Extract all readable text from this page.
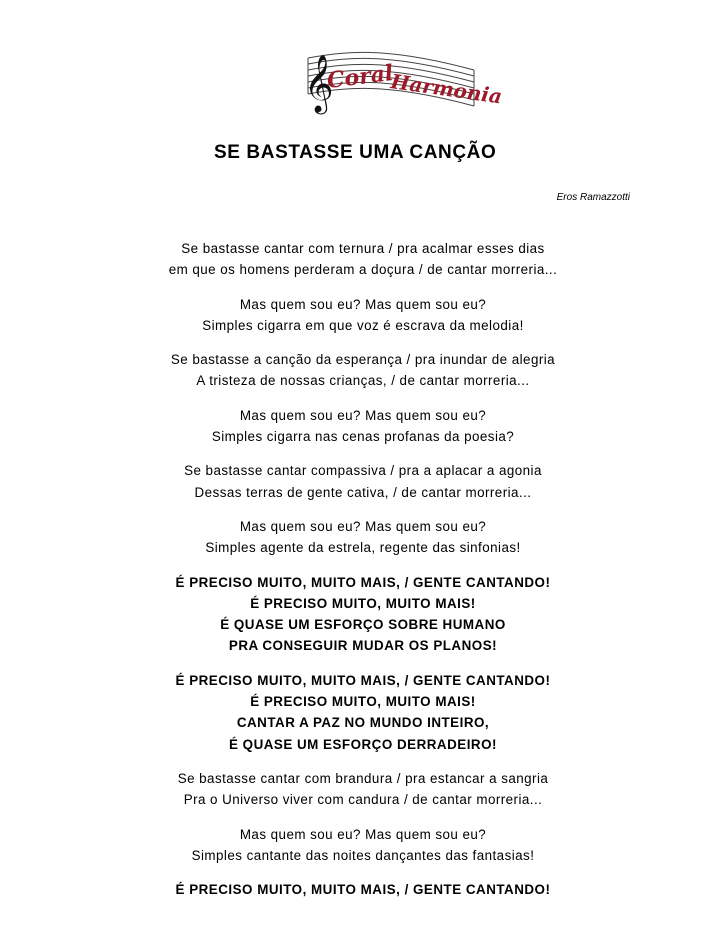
𝄞
Coral
Harmonia
SE BASTASSE UMA CANÇÃO
Eros Ramazzotti
Se bastasse cantar com ternura / pra acalmar esses dias
em que os homens perderam a doçura / de cantar morreria...
Mas quem sou eu? Mas quem sou eu?
Simples cigarra em que voz é escrava da melodia!
Se bastasse a canção da esperança / pra inundar de alegria
A tristeza de nossas crianças, / de cantar morreria...
Mas quem sou eu? Mas quem sou eu?
Simples cigarra nas cenas profanas da poesia?
Se bastasse cantar compassiva / pra a aplacar a agonia
Dessas terras de gente cativa, / de cantar morreria...
Mas quem sou eu? Mas quem sou eu?
Simples agente da estrela, regente das sinfonias!
É PRECISO MUITO, MUITO MAIS, / GENTE CANTANDO!
É PRECISO MUITO, MUITO MAIS!
É QUASE UM ESFORÇO SOBRE HUMANO
PRA CONSEGUIR MUDAR OS PLANOS!
É PRECISO MUITO, MUITO MAIS, / GENTE CANTANDO!
É PRECISO MUITO, MUITO MAIS!
CANTAR A PAZ NO MUNDO INTEIRO,
É QUASE UM ESFORÇO DERRADEIRO!
Se bastasse cantar com brandura / pra estancar a sangria
Pra o Universo viver com candura / de cantar morreria...
Mas quem sou eu? Mas quem sou eu?
Simples cantante das noites dançantes das fantasias!
É PRECISO MUITO, MUITO MAIS, / GENTE CANTANDO!
